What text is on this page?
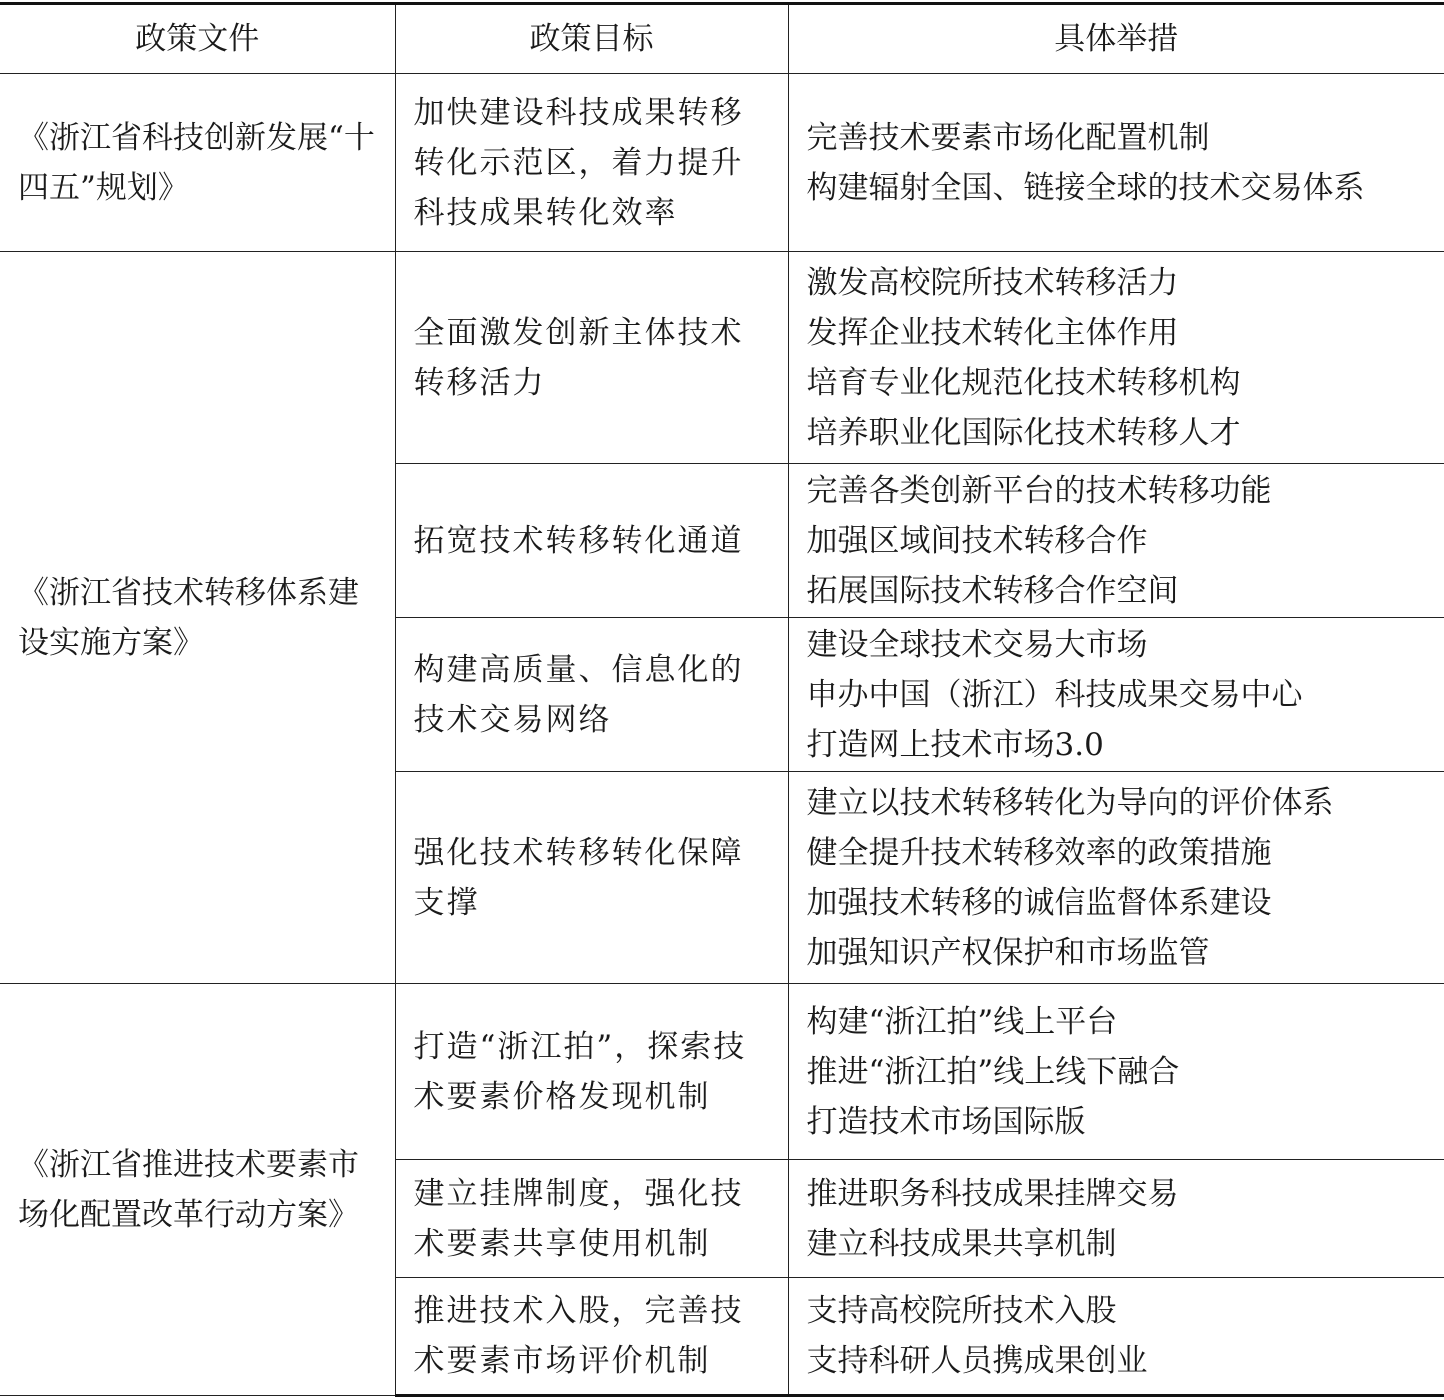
政策文件	政策目标	具体举措
《浙江省科技创新发展“十四五”规划》	加快建设科技成果转移转化示范区，着力提升科技成果转化效率	完善技术要素市场化配置机制
构建辐射全国、链接全球的技术交易体系

《浙江省技术转移体系建设实施方案》	全面激发创新主体技术转移活力	激发高校院所技术转移活力
发挥企业技术转化主体作用
培育专业化规范化技术转移机构
培养职业化国际化技术转移人才

	拓宽技术转移转化通道	完善各类创新平台的技术转移功能
加强区域间技术转移合作
拓展国际技术转移合作空间

	构建高质量、信息化的技术交易网络	建设全球技术交易大市场
申办中国（浙江）科技成果交易中心
打造网上技术市场3.0

	强化技术转移转化保障支撑	建立以技术转移转化为导向的评价体系
健全提升技术转移效率的政策措施
加强技术转移的诚信监督体系建设
加强知识产权保护和市场监管

《浙江省推进技术要素市场化配置改革行动方案》	打造“浙江拍”，探索技术要素价格发现机制	构建“浙江拍”线上平台
推进“浙江拍”线上线下融合
打造技术市场国际版

	建立挂牌制度，强化技术要素共享使用机制	推进职务科技成果挂牌交易
建立科技成果共享机制

	推进技术入股，完善技术要素市场评价机制	支持高校院所技术入股
支持科研人员携成果创业
